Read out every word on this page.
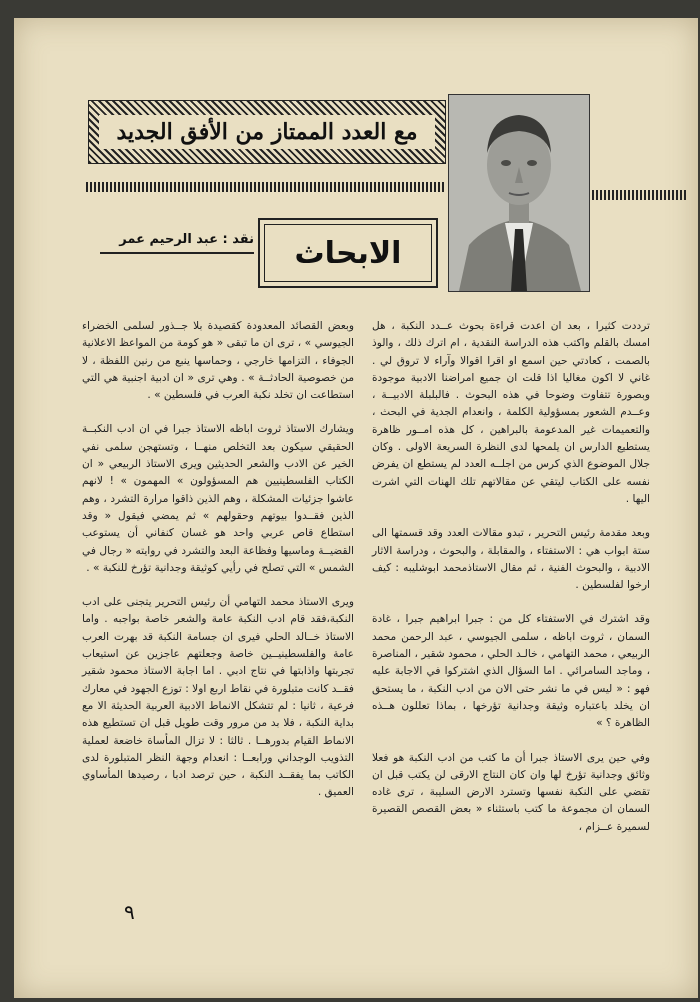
مع العدد الممتاز من الأفق الجديد
الابحاث
نقد : عبد الرحيم عمر

ترددت كثيرا ، بعد ان اعدت قراءة بحوث عــدد النكبة ، هل امسك بالقلم واكتب هذه الدراسة النقدية ، ام اترك ذلك ، والوذ بالصمت ، كعادتي حين اسمع او اقرا اقوالا وآراء لا تروق لي . غاني لا اكون مغاليا اذا قلت ان جميع امراضنا الادبية موجودة وبصورة تتفاوت وضوحا في هذه البحوث . فالبلبلة الادبيــة ، وعــدم الشعور بمسؤولية الكلمة ، وانعدام الجدية في البحث ، والتعميمات غير المدعومة بالبراهين ، كل هذه امــور ظاهرة يستطيع الدارس ان يلمحها لدى النظرة السريعة الاولى . وكان جلال الموضوع الذي كرس من اجلــه العدد لم يستطع ان يفرض نفسه على الكتاب ليتقي عن مقالاتهم تلك الهنات التي اشرت اليها .

وبعد مقدمة رئيس التحرير ، تبدو مقالات العدد وقد قسمتها الى ستة ابواب هي : الاستفتاء ، والمقابلة ، والبحوث ، ودراسة الاثار الادبية ، والبحوث الفنية ، ثم مقال الاستاذمحمد ابوشليبه : كيف ارخوا لفلسطين .

وقد اشترك في الاستفتاء كل من : جبرا ابراهيم جبرا ، غادة السمان ، ثروت اباظه ، سلمى الجيوسي ، عبد الرحمن محمد الربيعي ، محمد التهامي ، خالـد الحلي ، محمود شقير ، المناصرة ، وماجد السامرائي . اما السؤال الذي اشتركوا في الاجابة عليه فهو : « ليس في ما نشر حتى الان من ادب النكبة ، ما يستحق ان يخلد باعتباره وثيقة وجدانية تؤرخها ، بماذا تعللون هــذه الظاهرة ؟ »

وفي حين يرى الاستاذ جبرا أن ما كتب من ادب النكبة هو فعلا وثائق وجدانية تؤرخ لها وان كان النتاج الارقى لن يكتب قبل ان تقضي على النكبة نفسها وتسترد الارض السليبة ، ترى غاده السمان ان مجموعة ما كتب باستثناء « بعض القصص القصيرة لسميرة عــزام ،

وبعض القصائد المعدودة كقصيدة بلا جــذور لسلمى الخضراء الجيوسي » ، ترى ان ما تبقى « هو كومة من المواعظ الاعلانية الجوفاء ، التزامها خارجي ، وحماسها ينبع من رنين اللفظة ، لا من خصوصية الحادثــة » . وهي ترى « ان ادبية اجنبية هي التي استطاعت ان تخلد نكبة العرب في فلسطين » .

ويشارك الاستاذ ثروت اباظه الاستاذ جبرا في ان ادب النكبــة الحقيقي سيكون بعد التخلص منهــا ، وتستهجن سلمى نفي الخير عن الادب والشعر الحديثين ويرى الاستاذ الربيعي « ان الكتاب الفلسطينيين هم المسؤولون » المهمون » ! لانهم عاشوا جزئيات المشكلة ، وهم الذين ذاقوا مرارة التشرد ، وهم الذين فقــدوا بيوتهم وحقولهم » ثم يمضي فيقول « وقد استطاع قاص عربي واحد هو غسان كنفاني أن يستوعب القضيــة وماسيها وفظاعة البعد والتشرد في روايته « رجال في الشمس » التي تصلح في رأيي كوثيقة وجدانية تؤرخ للنكبة » .

ويرى الاستاذ محمد التهامي أن رئيس التحرير يتجنى على ادب النكبة،فقد قام ادب النكبة عامة والشعر خاصة بواجبه . واما الاستاذ خــالد الحلي فيرى ان جسامة النكبة قد بهرت العرب عامة والفلسطينيــين خاصة وجعلتهم عاجزين عن استيعاب تجربتها واذابتها في نتاج ادبي . اما اجابة الاستاذ محمود شقير فقــد كانت متبلورة في نقاط اربع اولا : توزع الجهود في معارك فرعية ، ثانيا : لم تتشكل الانماط الادبية العربية الحديثة الا مع بداية النكبة ، فلا بد من مرور وقت طويل قبل ان تستطيع هذه الانماط القيام بدورهــا . ثالثا : لا تزال المأساة خاضعة لعملية التذويب الوجداني ورابعــا : انعدام وجهة النظر المتبلورة لدى الكاتب بما يفقــد النكبة ، حين ترصد ادبا ، رصيدها المأساوي العميق .

٩
